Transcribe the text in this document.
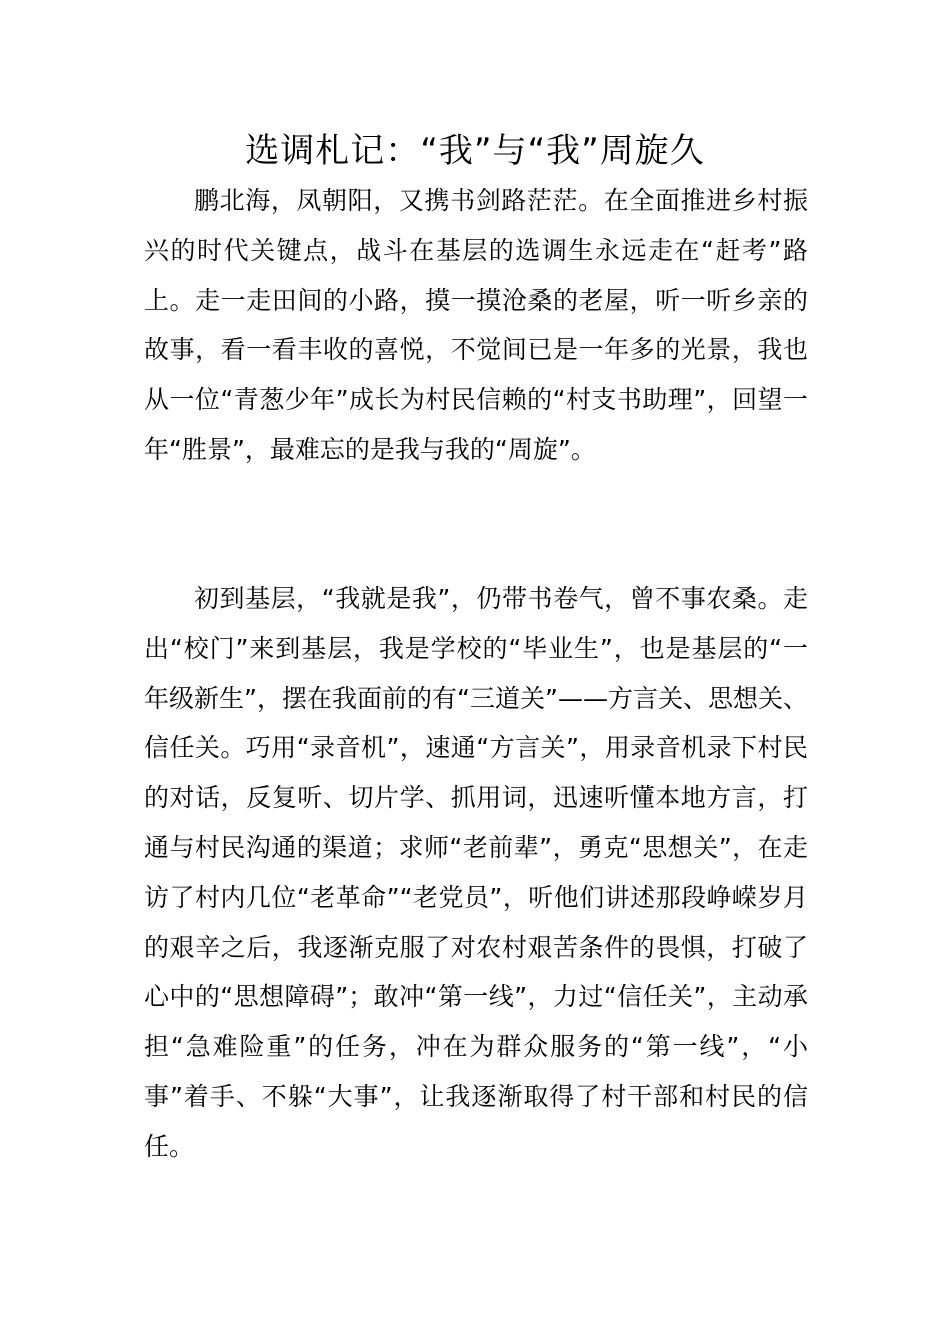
选调札记：“我”与“我”周旋久

鹏北海，凤朝阳，又携书剑路茫茫。在全面推进乡村振兴的时代关键点，战斗在基层的选调生永远走在“赶考”路上。走一走田间的小路，摸一摸沧桑的老屋，听一听乡亲的故事，看一看丰收的喜悦，不觉间已是一年多的光景，我也从一位“青葱少年”成长为村民信赖的“村支书助理”，回望一年“胜景”，最难忘的是我与我的“周旋”。

初到基层，“我就是我”，仍带书卷气，曾不事农桑。走出“校门”来到基层，我是学校的“毕业生”，也是基层的“一年级新生”，摆在我面前的有“三道关”——方言关、思想关、信任关。巧用“录音机”，速通“方言关”，用录音机录下村民的对话，反复听、切片学、抓用词，迅速听懂本地方言，打通与村民沟通的渠道；求师“老前辈”，勇克“思想关”，在走访了村内几位“老革命”“老党员”，听他们讲述那段峥嵘岁月的艰辛之后，我逐渐克服了对农村艰苦条件的畏惧，打破了心中的“思想障碍”；敢冲“第一线”，力过“信任关”，主动承担“急难险重”的任务，冲在为群众服务的“第一线”，“小事”着手、不躲“大事”，让我逐渐取得了村干部和村民的信任。
